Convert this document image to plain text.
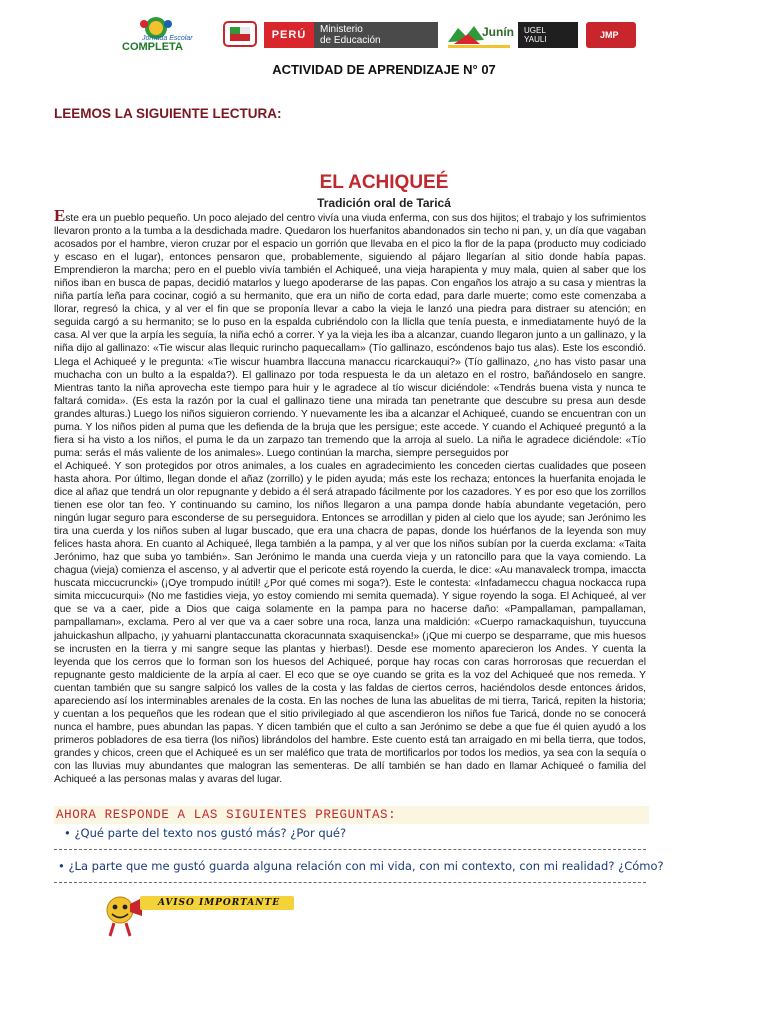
Jornada Escolar
COMPLETA
PERÚ	Ministerio
de Educación
Junín UGEL
YAULI	JMP
ACTIVIDAD DE APRENDIZAJE N° 07
LEEMOS LA SIGUIENTE LECTURA:
EL ACHIQUEÉ
Tradición oral de Taricá

Este era un pueblo pequeño. Un poco alejado del centro vivía una viuda enferma, con sus dos hijitos; el trabajo y los sufrimientos llevaron pronto a la tumba a la desdichada madre. Quedaron los huerfanitos abandonados sin techo ni pan, y, un día que vagaban acosados por el hambre, vieron cruzar por el espacio un gorrión que llevaba en el pico la flor de la papa (producto muy codiciado y escaso en el lugar), entonces pensaron que, probablemente, siguiendo al pájaro llegarían al sitio donde había papas. Emprendieron la marcha; pero en el pueblo vivía también el Achiqueé, una vieja harapienta y muy mala, quien al saber que los niños iban en busca de papas, decidió matarlos y luego apoderarse de las papas. Con engaños los atrajo a su casa y mientras la niña partía leña para cocinar, cogió a su hermanito, que era un niño de corta edad, para darle muerte; como este comenzaba a llorar, regresó la chica, y al ver el fin que se proponía llevar a cabo la vieja le lanzó una piedra para distraer su atención; en seguida cargó a su hermanito; se lo puso en la espalda cubriéndolo con la lliclla que tenía puesta, e inmediatamente huyó de la casa. Al ver que la arpía les seguía, la niña echó a correr. Y ya la vieja les iba a alcanzar, cuando llegaron junto a un gallinazo, y la niña dijo al gallinazo: «Tie wiscur alas llequic rurincho paquecallam» (Tío gallinazo, escóndenos bajo tus alas). Este los escondió. Llega el Achiqueé y le pregunta: «Tie wiscur huambra llaccuna manaccu ricarckauqui?» (Tío gallinazo, ¿no has visto pasar una muchacha con un bulto a la espalda?). El gallinazo por toda respuesta le da un aletazo en el rostro, bañándoselo en sangre. Mientras tanto la niña aprovecha este tiempo para huir y le agradece al tío wiscur diciéndole: «Tendrás buena vista y nunca te faltará comida». (Es esta la razón por la cual el gallinazo tiene una mirada tan penetrante que descubre su presa aun desde grandes alturas.) Luego los niños siguieron corriendo. Y nuevamente les iba a alcanzar el Achiqueé, cuando se encuentran con un puma. Y los niños piden al puma que les defienda de la bruja que les persigue; este accede. Y cuando el Achiqueé preguntó a la fiera si ha visto a los niños, el puma le da un zarpazo tan tremendo que la arroja al suelo. La niña le agradece diciéndole: «Tío puma: serás el más valiente de los animales». Luego continúan la marcha, siempre perseguidos por

el Achiqueé. Y son protegidos por otros animales, a los cuales en agradecimiento les conceden ciertas cualidades que poseen hasta ahora. Por último, llegan donde el añaz (zorrillo) y le piden ayuda; más este los rechaza; entonces la huerfanita enojada le dice al añaz que tendrá un olor repugnante y debido a él será atrapado fácilmente por los cazadores. Y es por eso que los zorrillos tienen ese olor tan feo. Y continuando su camino, los niños llegaron a una pampa donde había abundante vegetación, pero ningún lugar seguro para esconderse de su perseguidora. Entonces se arrodillan y piden al cielo que los ayude; san Jerónimo les tira una cuerda y los niños suben al lugar buscado, que era una chacra de papas, donde los huérfanos de la leyenda son muy felices hasta ahora. En cuanto al Achiqueé, llega también a la pampa, y al ver que los niños subían por la cuerda exclama: «Taita Jerónimo, haz que suba yo también». San Jerónimo le manda una cuerda vieja y un ratoncillo para que la vaya comiendo. La chagua (vieja) comienza el ascenso, y al advertir que el pericote está royendo la cuerda, le dice: «Au manavaleck trompa, imaccta huscata miccucruncki» (¡Oye trompudo inútil! ¿Por qué comes mi soga?). Este le contesta: «Infadameccu chagua nockacca rupa simita miccucurqui» (No me fastidies vieja, yo estoy comiendo mi semita quemada). Y sigue royendo la soga. El Achiqueé, al ver que se va a caer, pide a Dios que caiga solamente en la pampa para no hacerse daño: «Pampallaman, pampallaman, pampallaman», exclama. Pero al ver que va a caer sobre una roca, lanza una maldición: «Cuerpo ramackaquishun, tuyuccuna jahuickashun allpacho, ¡y yahuarni plantaccunatta ckoracunnata sxaquisencka!» (¡Que mi cuerpo se desparrame, que mis huesos se incrusten en la tierra y mi sangre seque las plantas y hierbas!). Desde ese momento aparecieron los Andes. Y cuenta la leyenda que los cerros que lo forman son los huesos del Achiqueé, porque hay rocas con caras horrorosas que recuerdan el repugnante gesto maldiciente de la arpía al caer. El eco que se oye cuando se grita es la voz del Achiqueé que nos remeda. Y cuentan también que su sangre salpicó los valles de la costa y las faldas de ciertos cerros, haciéndolos desde entonces áridos, apareciendo así los interminables arenales de la costa. En las noches de luna las abuelitas de mi tierra, Taricá, repiten la historia; y cuentan a los pequeños que les rodean que el sitio privilegiado al que ascendieron los niños fue Taricá, donde no se conocerá nunca el hambre, pues abundan las papas. Y dicen también que el culto a san Jerónimo se debe a que fue él quien ayudó a los primeros pobladores de esa tierra (los niños) librándolos del hambre. Este cuento está tan arraigado en mi bella tierra, que todos, grandes y chicos, creen que el Achiqueé es un ser maléfico que trata de mortificarlos por todos los medios, ya sea con la sequía o con las lluvias muy abundantes que malogran las sementeras. De allí también se han dado en llamar Achiqueé o familia del Achiqueé a las personas malas y avaras del lugar.

AHORA RESPONDE A LAS SIGUIENTES PREGUNTAS:
• ¿Qué parte del texto nos gustó más? ¿Por qué?
• ¿La parte que me gustó guarda alguna relación con mi vida, con mi contexto, con mi realidad? ¿Cómo?
AVISO IMPORTANTE
